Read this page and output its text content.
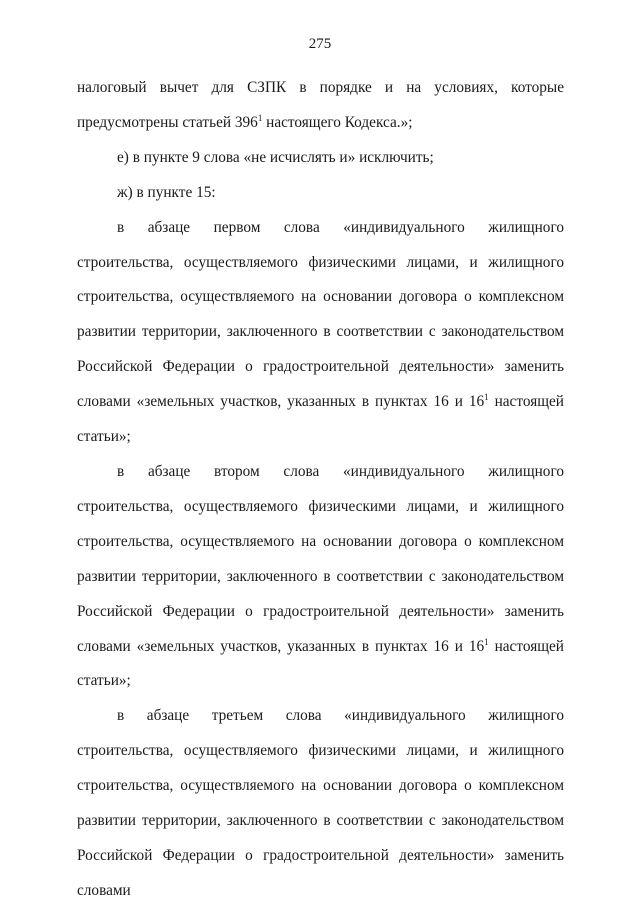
275

налоговый вычет для СЗПК в порядке и на условиях, которые предусмотрены статьей $396^1$ настоящего Кодекса.»;

е) в пункте 9 слова «не исчислять и» исключить;

ж) в пункте 15:

в абзаце первом слова «индивидуального жилищного строительства, осуществляемого физическими лицами, и жилищного строительства, осуществляемого на основании договора о комплексном развитии территории, заключенного в соответствии с законодательством Российской Федерации о градостроительной деятельности» заменить словами «земельных участков, указанных в пунктах 16 и $16^1$ настоящей статьи»;

в абзаце втором слова «индивидуального жилищного строительства, осуществляемого физическими лицами, и жилищного строительства, осуществляемого на основании договора о комплексном развитии территории, заключенного в соответствии с законодательством Российской Федерации о градостроительной деятельности» заменить словами «земельных участков, указанных в пунктах 16 и $16^1$ настоящей статьи»;

в абзаце третьем слова «индивидуального жилищного строительства, осуществляемого физическими лицами, и жилищного строительства, осуществляемого на основании договора о комплексном развитии территории, заключенного в соответствии с законодательством Российской Федерации о градостроительной деятельности» заменить словами
